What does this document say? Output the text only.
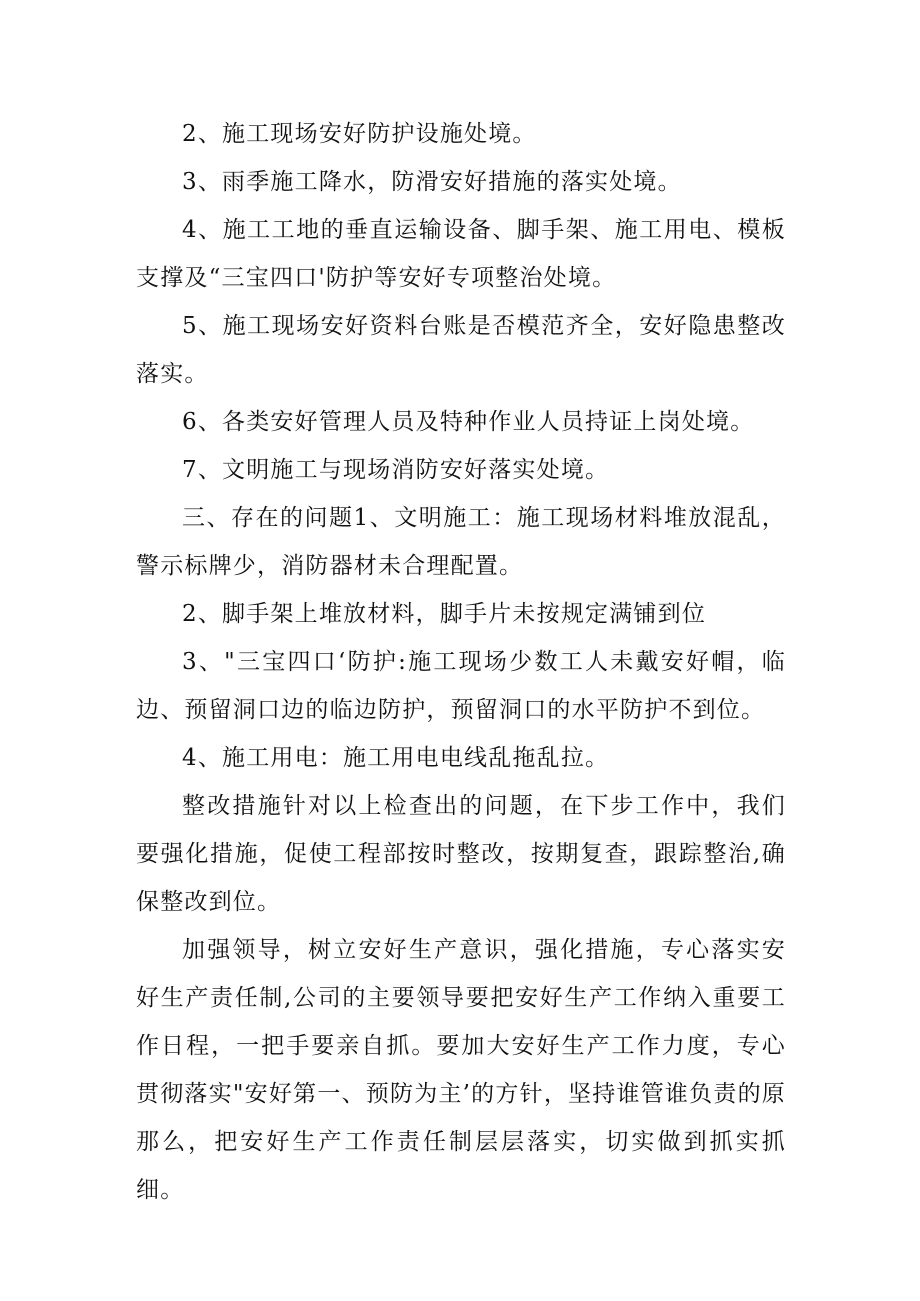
2、施工现场安好防护设施处境。

3、雨季施工降水，防滑安好措施的落实处境。

4、施工工地的垂直运输设备、脚手架、施工用电、模板支撑及“三宝四口'防护等安好专项整治处境。

5、施工现场安好资料台账是否模范齐全，安好隐患整改落实。

6、各类安好管理人员及特种作业人员持证上岗处境。

7、文明施工与现场消防安好落实处境。

三、存在的问题1、文明施工：施工现场材料堆放混乱，警示标牌少，消防器材未合理配置。

2、脚手架上堆放材料，脚手片未按规定满铺到位

3、"三宝四口‘防护:施工现场少数工人未戴安好帽，临边、预留洞口边的临边防护，预留洞口的水平防护不到位。

4、施工用电：施工用电电线乱拖乱拉。

整改措施针对以上检查出的问题，在下步工作中，我们要强化措施，促使工程部按时整改，按期复查，跟踪整治,确保整改到位。

加强领导，树立安好生产意识，强化措施，专心落实安好生产责任制,公司的主要领导要把安好生产工作纳入重要工作日程，一把手要亲自抓。要加大安好生产工作力度，专心贯彻落实"安好第一、预防为主’的方针，坚持谁管谁负责的原那么，把安好生产工作责任制层层落实，切实做到抓实抓细。
